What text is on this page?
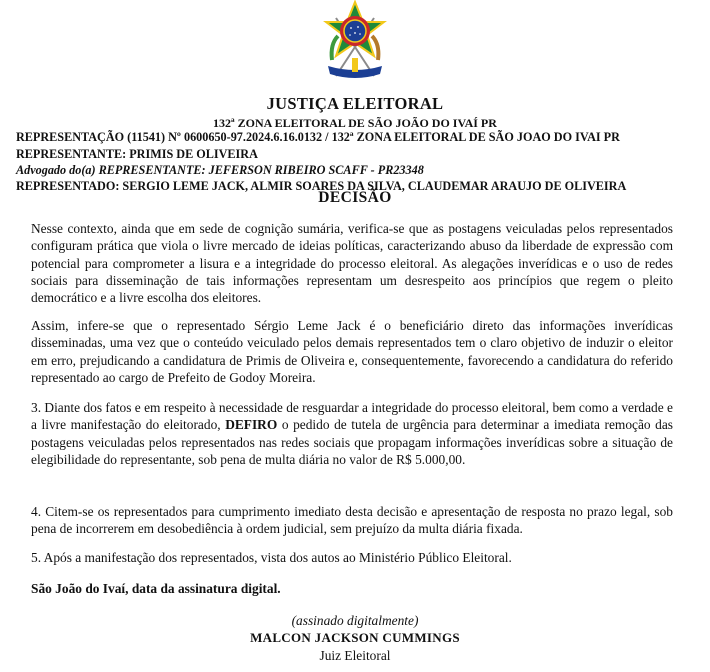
JUSTIÇA ELEITORAL
132ª ZONA ELEITORAL DE SÃO JOÃO DO IVAÍ PR
REPRESENTAÇÃO (11541) Nº 0600650-97.2024.6.16.0132 / 132ª ZONA ELEITORAL DE SÃO JOAO DO IVAI PR
REPRESENTANTE: PRIMIS DE OLIVEIRA
Advogado do(a) REPRESENTANTE: JEFERSON RIBEIRO SCAFF - PR23348
REPRESENTADO: SERGIO LEME JACK, ALMIR SOARES DA SILVA, CLAUDEMAR ARAUJO DE OLIVEIRA
DECISÃO
Nesse contexto, ainda que em sede de cognição sumária, verifica-se que as postagens veiculadas pelos representados configuram prática que viola o livre mercado de ideias políticas, caracterizando abuso da liberdade de expressão com potencial para comprometer a lisura e a integridade do processo eleitoral. As alegações inverídicas e o uso de redes sociais para disseminação de tais informações representam um desrespeito aos princípios que regem o pleito democrático e a livre escolha dos eleitores.
Assim, infere-se que o representado Sérgio Leme Jack é o beneficiário direto das informações inverídicas disseminadas, uma vez que o conteúdo veiculado pelos demais representados tem o claro objetivo de induzir o eleitor em erro, prejudicando a candidatura de Primis de Oliveira e, consequentemente, favorecendo a candidatura do referido representado ao cargo de Prefeito de Godoy Moreira.
3. Diante dos fatos e em respeito à necessidade de resguardar a integridade do processo eleitoral, bem como a verdade e a livre manifestação do eleitorado, DEFIRO o pedido de tutela de urgência para determinar a imediata remoção das postagens veiculadas pelos representados nas redes sociais que propagam informações inverídicas sobre a situação de elegibilidade do representante, sob pena de multa diária no valor de R$ 5.000,00.
4. Citem-se os representados para cumprimento imediato desta decisão e apresentação de resposta no prazo legal, sob pena de incorrerem em desobediência à ordem judicial, sem prejuízo da multa diária fixada.
5. Após a manifestação dos representados, vista dos autos ao Ministério Público Eleitoral.
São João do Ivaí, data da assinatura digital.
(assinado digitalmente)
MALCON JACKSON CUMMINGS
Juiz Eleitoral
